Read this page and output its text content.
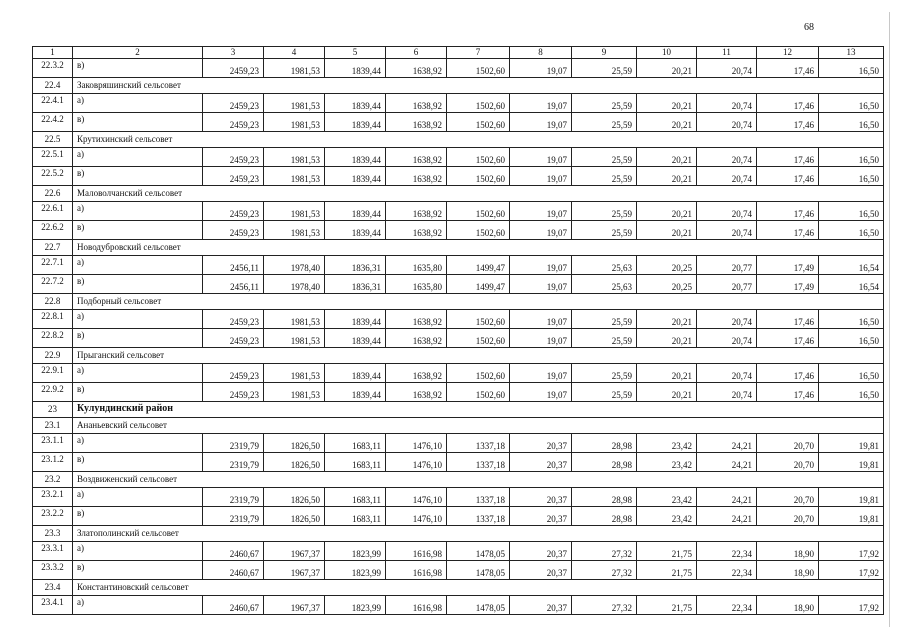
68
1	2	3	4	5	6	7	8	9	10	11	12	13
22.3.2	в)	2459,23	1981,53	1839,44	1638,92	1502,60	19,07	25,59	20,21	20,74	17,46	16,50
22.4	Заковряшинский сельсовет											
22.4.1	а)	2459,23	1981,53	1839,44	1638,92	1502,60	19,07	25,59	20,21	20,74	17,46	16,50
22.4.2	в)	2459,23	1981,53	1839,44	1638,92	1502,60	19,07	25,59	20,21	20,74	17,46	16,50
22.5	Крутихинский сельсовет											
22.5.1	а)	2459,23	1981,53	1839,44	1638,92	1502,60	19,07	25,59	20,21	20,74	17,46	16,50
22.5.2	в)	2459,23	1981,53	1839,44	1638,92	1502,60	19,07	25,59	20,21	20,74	17,46	16,50
22.6	Маловолчанский сельсовет											
22.6.1	а)	2459,23	1981,53	1839,44	1638,92	1502,60	19,07	25,59	20,21	20,74	17,46	16,50
22.6.2	в)	2459,23	1981,53	1839,44	1638,92	1502,60	19,07	25,59	20,21	20,74	17,46	16,50
22.7	Новодубровский сельсовет											
22.7.1	а)	2456,11	1978,40	1836,31	1635,80	1499,47	19,07	25,63	20,25	20,77	17,49	16,54
22.7.2	в)	2456,11	1978,40	1836,31	1635,80	1499,47	19,07	25,63	20,25	20,77	17,49	16,54
22.8	Подборный сельсовет											
22.8.1	а)	2459,23	1981,53	1839,44	1638,92	1502,60	19,07	25,59	20,21	20,74	17,46	16,50
22.8.2	в)	2459,23	1981,53	1839,44	1638,92	1502,60	19,07	25,59	20,21	20,74	17,46	16,50
22.9	Прыганский сельсовет											
22.9.1	а)	2459,23	1981,53	1839,44	1638,92	1502,60	19,07	25,59	20,21	20,74	17,46	16,50
22.9.2	в)	2459,23	1981,53	1839,44	1638,92	1502,60	19,07	25,59	20,21	20,74	17,46	16,50
23	Кулундинский район											
23.1	Ананьевский сельсовет											
23.1.1	а)	2319,79	1826,50	1683,11	1476,10	1337,18	20,37	28,98	23,42	24,21	20,70	19,81
23.1.2	в)	2319,79	1826,50	1683,11	1476,10	1337,18	20,37	28,98	23,42	24,21	20,70	19,81
23.2	Воздвиженский сельсовет											
23.2.1	а)	2319,79	1826,50	1683,11	1476,10	1337,18	20,37	28,98	23,42	24,21	20,70	19,81
23.2.2	в)	2319,79	1826,50	1683,11	1476,10	1337,18	20,37	28,98	23,42	24,21	20,70	19,81
23.3	Златополинский сельсовет											
23.3.1	а)	2460,67	1967,37	1823,99	1616,98	1478,05	20,37	27,32	21,75	22,34	18,90	17,92
23.3.2	в)	2460,67	1967,37	1823,99	1616,98	1478,05	20,37	27,32	21,75	22,34	18,90	17,92
23.4	Константиновский сельсовет											
23.4.1	а)	2460,67	1967,37	1823,99	1616,98	1478,05	20,37	27,32	21,75	22,34	18,90	17,92
